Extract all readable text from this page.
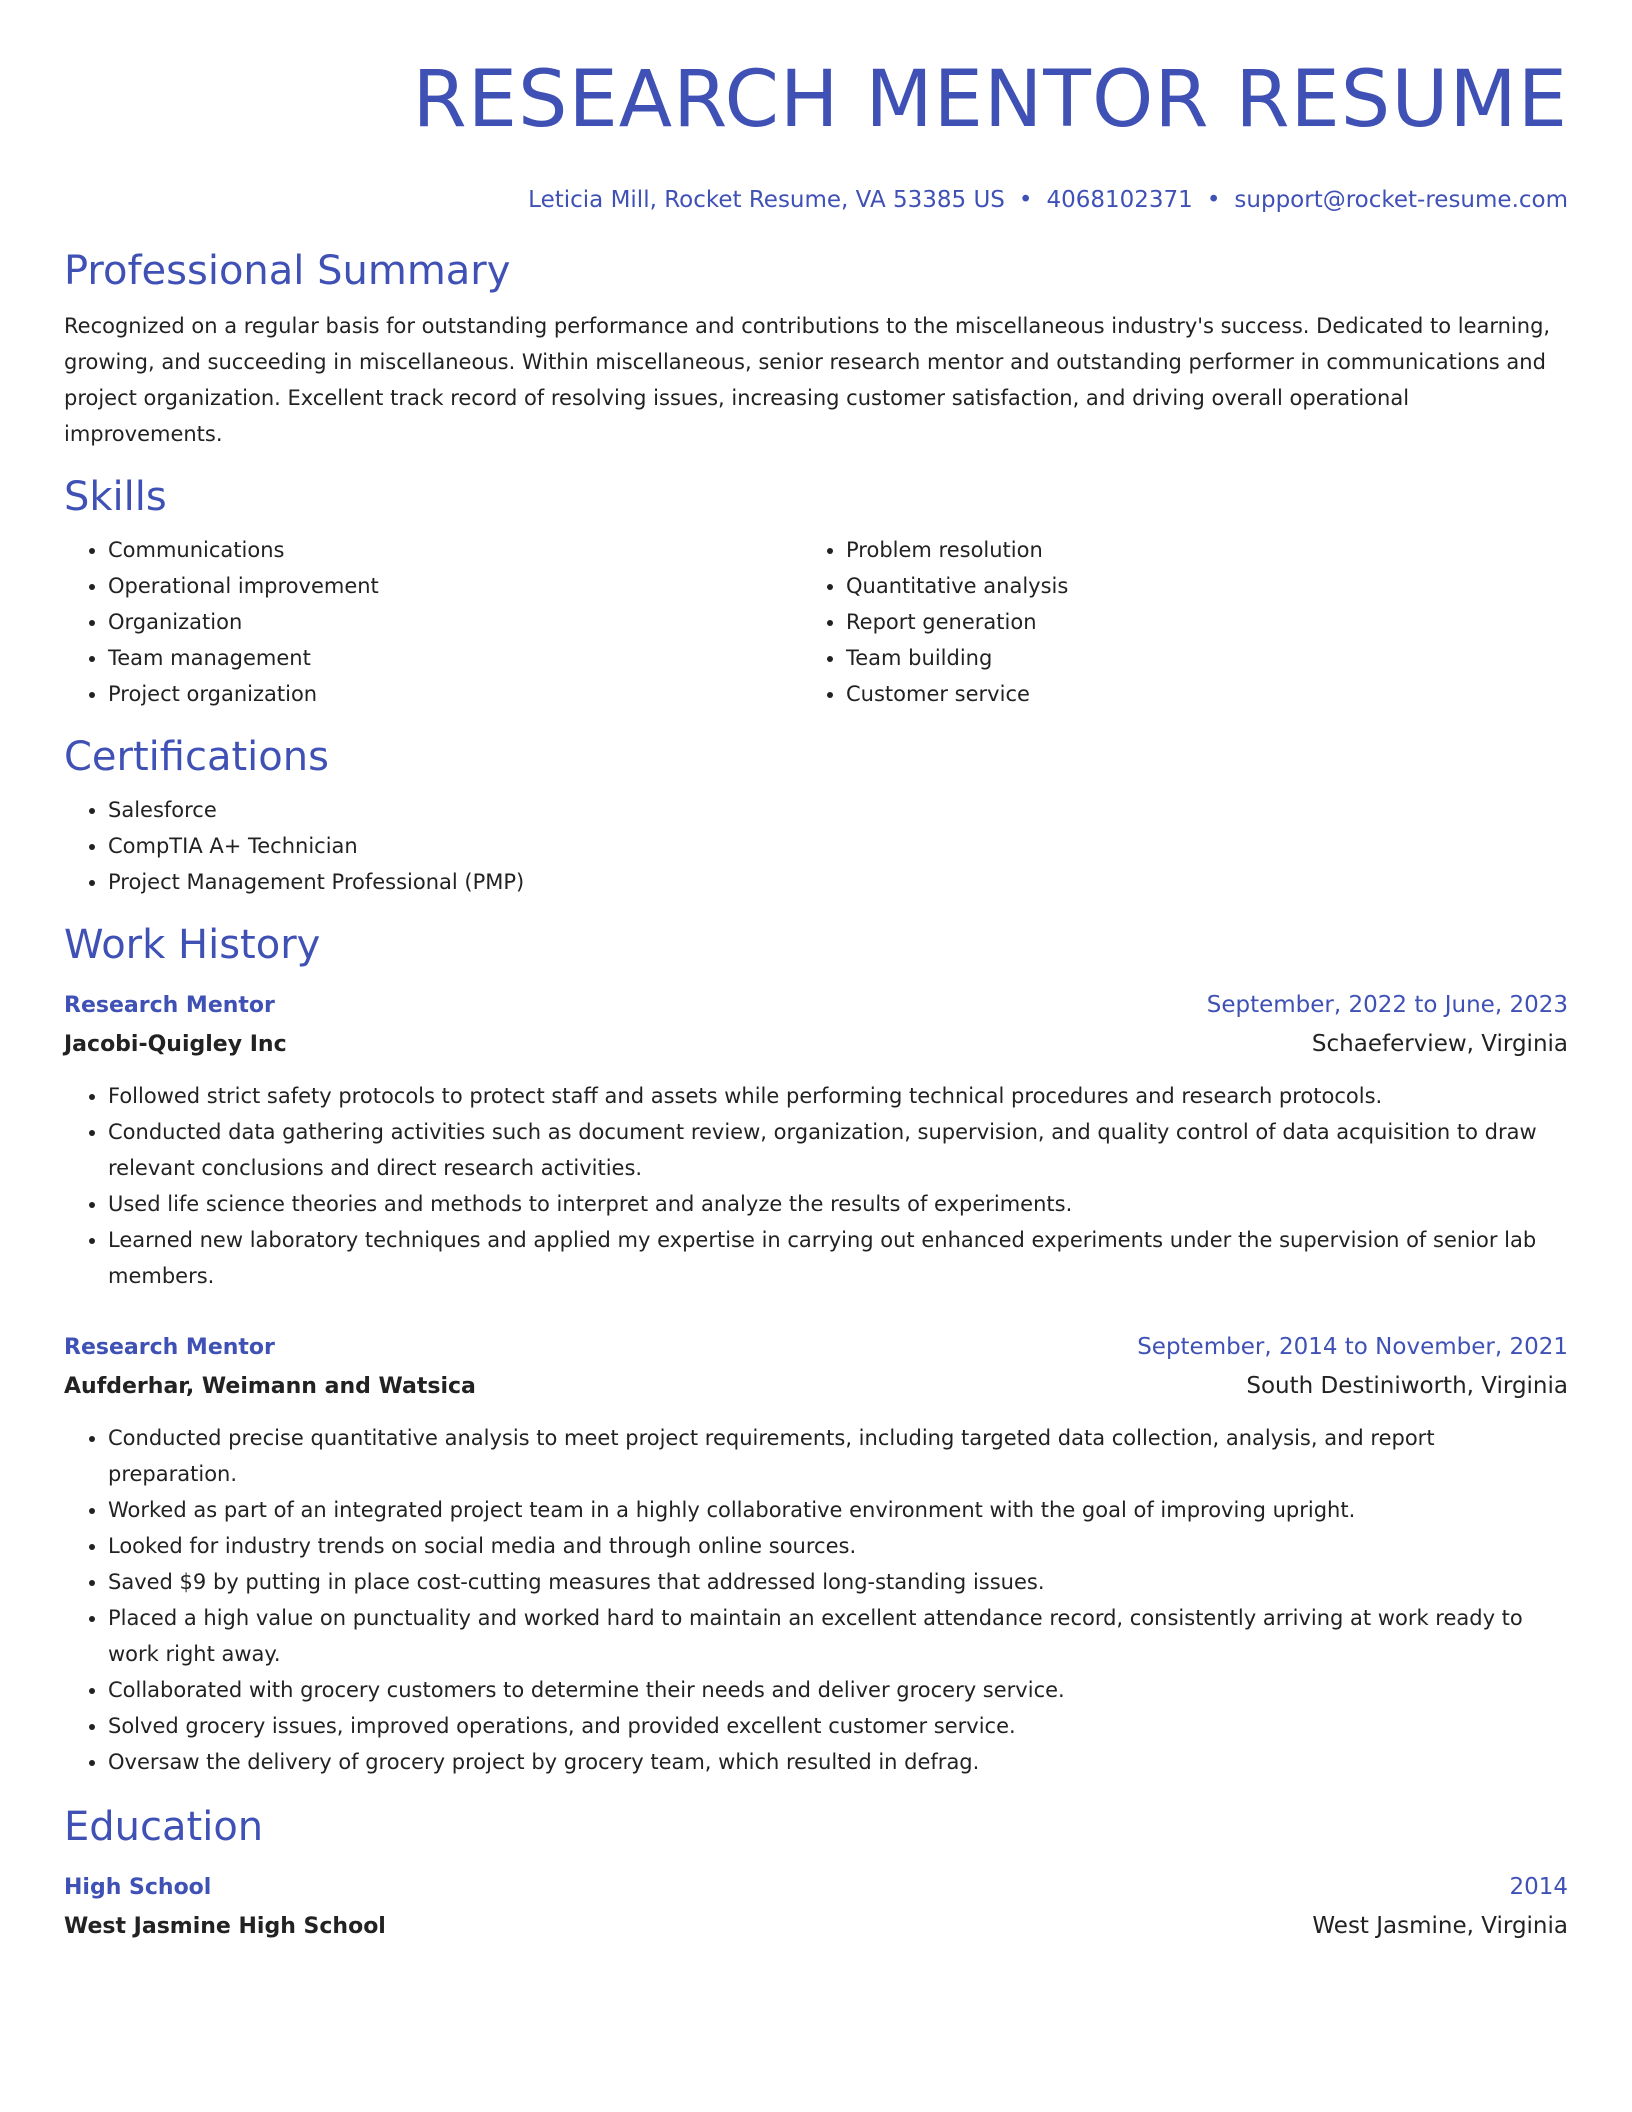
RESEARCH MENTOR RESUME
Leticia Mill, Rocket Resume, VA 53385 US • 4068102371 • support@rocket-resume.com
Professional Summary

Recognized on a regular basis for outstanding performance and contributions to the miscellaneous industry's success. Dedicated to learning, growing, and succeeding in miscellaneous. Within miscellaneous, senior research mentor and outstanding performer in communications and project organization. Excellent track record of resolving issues, increasing customer satisfaction, and driving overall operational improvements.

Skills
• Communications
• Operational improvement
• Organization
• Team management
• Project organization
• Problem resolution
• Quantitative analysis
• Report generation
• Team building
• Customer service
Certifications
• Salesforce
• CompTIA A+ Technician
• Project Management Professional (PMP)
Work History
Research Mentor	September, 2022 to June, 2023
Jacobi-Quigley Inc	Schaeferview, Virginia
• Followed strict safety protocols to protect staff and assets while performing technical procedures and research protocols.
• Conducted data gathering activities such as document review, organization, supervision, and quality control of data acquisition to draw relevant conclusions and direct research activities.
• Used life science theories and methods to interpret and analyze the results of experiments.
• Learned new laboratory techniques and applied my expertise in carrying out enhanced experiments under the supervision of senior lab members.
Research Mentor	September, 2014 to November, 2021
Aufderhar, Weimann and Watsica	South Destiniworth, Virginia
• Conducted precise quantitative analysis to meet project requirements, including targeted data collection, analysis, and report preparation.
• Worked as part of an integrated project team in a highly collaborative environment with the goal of improving upright.
• Looked for industry trends on social media and through online sources.
• Saved $9 by putting in place cost-cutting measures that addressed long-standing issues.
• Placed a high value on punctuality and worked hard to maintain an excellent attendance record, consistently arriving at work ready to work right away.
• Collaborated with grocery customers to determine their needs and deliver grocery service.
• Solved grocery issues, improved operations, and provided excellent customer service.
• Oversaw the delivery of grocery project by grocery team, which resulted in defrag.
Education
High School	2014
West Jasmine High School	West Jasmine, Virginia
